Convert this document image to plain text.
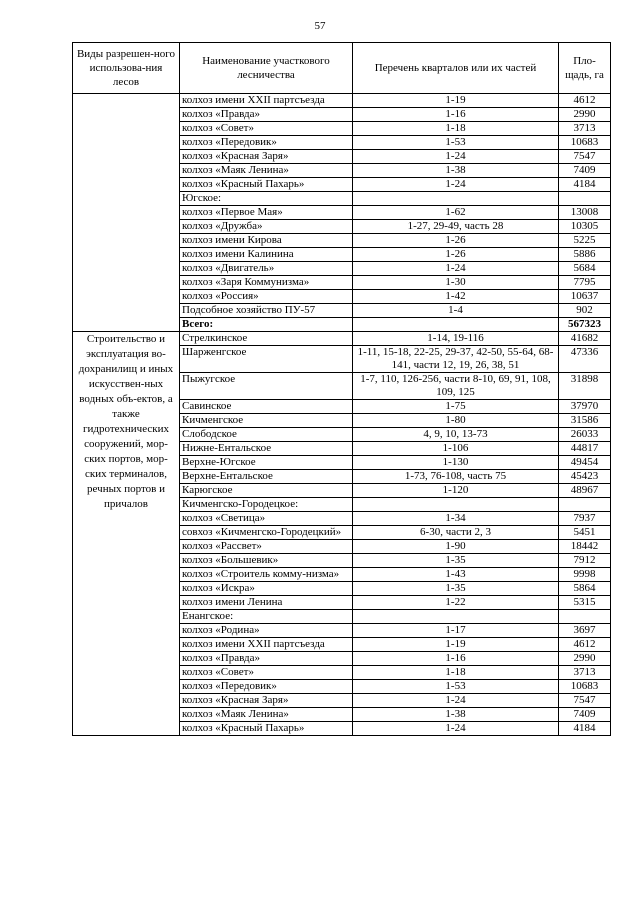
57
Виды разрешен-ного использова-ния лесов	Наименование участкового лесничества	Перечень кварталов или их частей	Пло-щадь, га
	колхоз имени XXII партсъезда	1-19	4612
	колхоз «Правда»	1-16	2990
	колхоз «Совет»	1-18	3713
	колхоз «Передовик»	1-53	10683
	колхоз «Красная Заря»	1-24	7547
	колхоз «Маяк Ленина»	1-38	7409
	колхоз «Красный Пахарь»	1-24	4184
	Югское:		
	колхоз «Первое Мая»	1-62	13008
	колхоз «Дружба»	1-27, 29-49, часть 28	10305
	колхоз имени Кирова	1-26	5225
	колхоз имени Калинина	1-26	5886
	колхоз «Двигатель»	1-24	5684
	колхоз «Заря Коммунизма»	1-30	7795
	колхоз «Россия»	1-42	10637
	Подсобное хозяйство ПУ-57	1-4	902
	Всего:		567323
Строительство и эксплуатация во-дохранилищ и иных искусствен-ных водных объ-ектов, а также гидротехнических сооружений, мор-ских портов, мор-ских терминалов, речных портов и причалов	Стрелкинское	1-14, 19-116	41682
	Шарженгское	1-11, 15-18, 22-25, 29-37, 42-50, 55-64, 68-141, части 12, 19, 26, 38, 51	47336
	Пыжугское	1-7, 110, 126-256, части 8-10, 69, 91, 108, 109, 125	31898
	Савинское	1-75	37970
	Кичменгское	1-80	31586
	Слободское	4, 9, 10, 13-73	26033
	Нижне-Ентальское	1-106	44817
	Верхне-Югское	1-130	49454
	Верхне-Ентальское	1-73, 76-108, часть 75	45423
	Карюгское	1-120	48967
	Кичменгско-Городецкое:		
	колхоз «Светица»	1-34	7937
	совхоз «Кичменгско-Городецкий»	6-30, части 2, 3	5451
	колхоз «Рассвет»	1-90	18442
	колхоз «Большевик»	1-35	7912
	колхоз «Строитель комму-низма»	1-43	9998
	колхоз «Искра»	1-35	5864
	колхоз имени Ленина	1-22	5315
	Енангское:		
	колхоз «Родина»	1-17	3697
	колхоз имени XXII партсъезда	1-19	4612
	колхоз «Правда»	1-16	2990
	колхоз «Совет»	1-18	3713
	колхоз «Передовик»	1-53	10683
	колхоз «Красная Заря»	1-24	7547
	колхоз «Маяк Ленина»	1-38	7409
	колхоз «Красный Пахарь»	1-24	4184
